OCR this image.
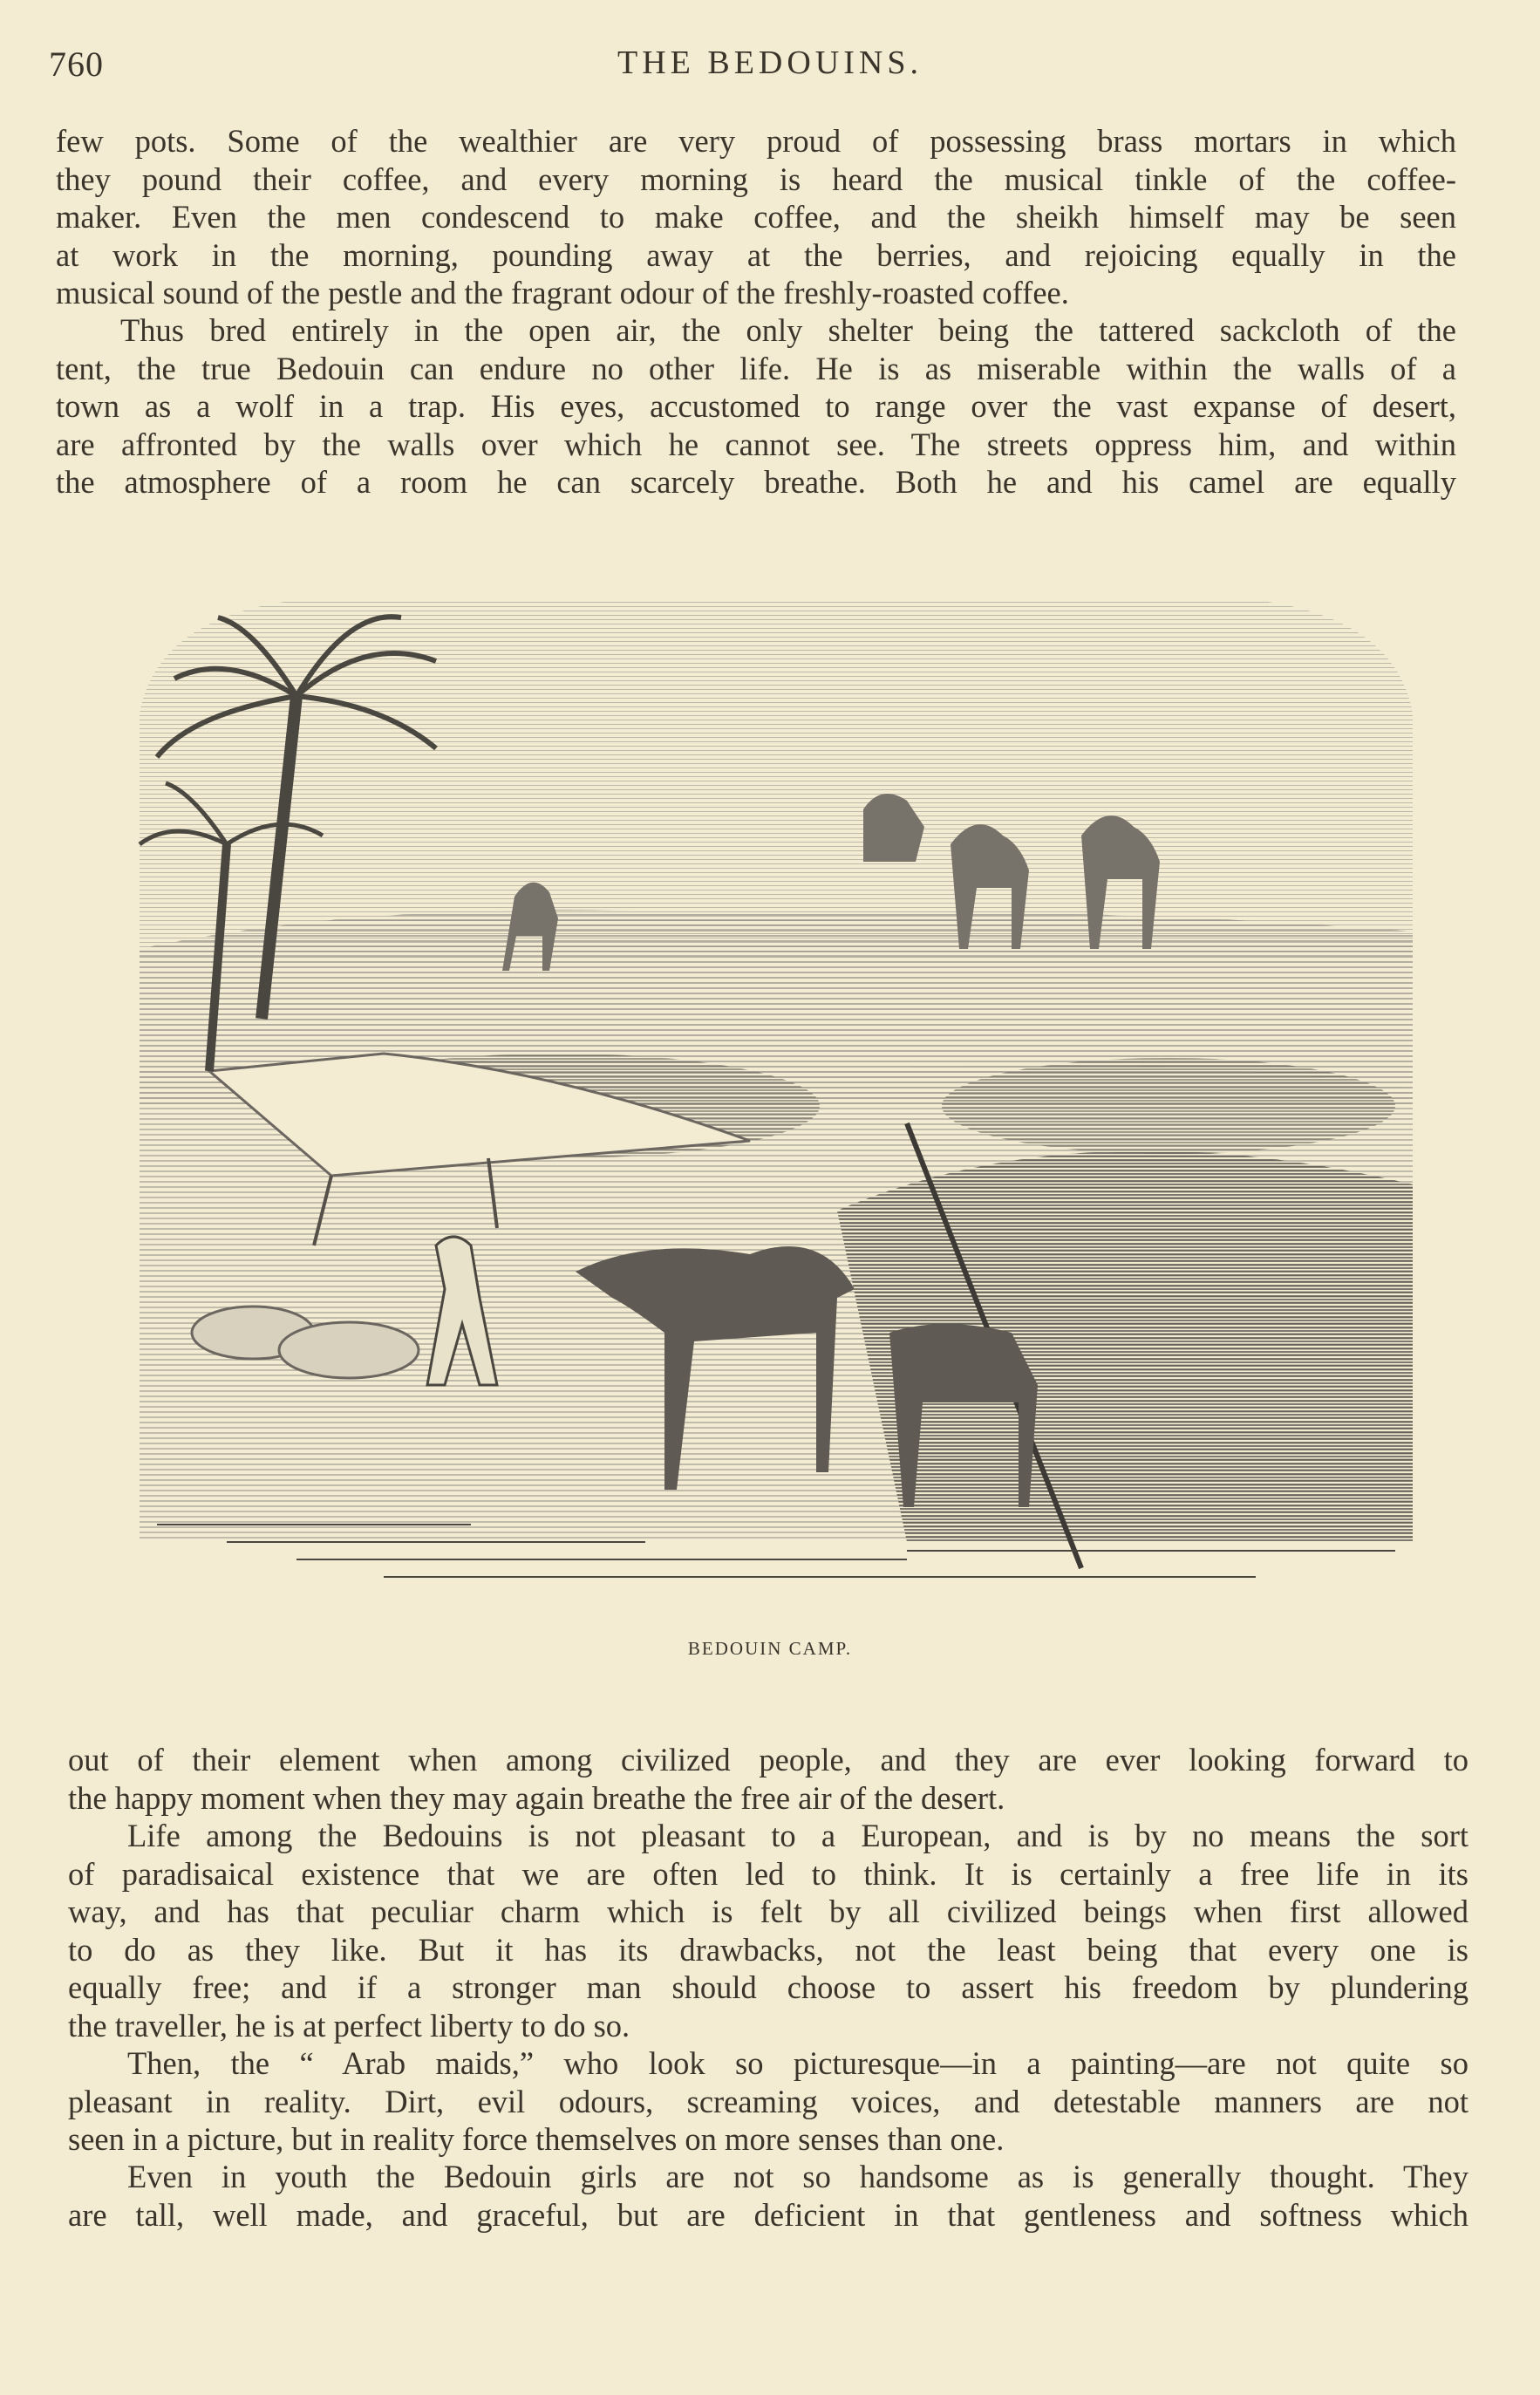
760	THE BEDOUINS.
few pots. Some of the wealthier are very proud of possessing brass mortars in which
they pound their coffee, and every morning is heard the musical tinkle of the coffee-
maker. Even the men condescend to make coffee, and the sheikh himself may be seen
at work in the morning, pounding away at the berries, and rejoicing equally in the
musical sound of the pestle and the fragrant odour of the freshly-roasted coffee.
Thus bred entirely in the open air, the only shelter being the tattered sackcloth of the
tent, the true Bedouin can endure no other life. He is as miserable within the walls of a
town as a wolf in a trap. His eyes, accustomed to range over the vast expanse of desert,
are affronted by the walls over which he cannot see. The streets oppress him, and within
the atmosphere of a room he can scarcely breathe. Both he and his camel are equally
BEDOUIN CAMP.
out of their element when among civilized people, and they are ever looking forward to
the happy moment when they may again breathe the free air of the desert.
Life among the Bedouins is not pleasant to a European, and is by no means the sort
of paradisaical existence that we are often led to think. It is certainly a free life in its
way, and has that peculiar charm which is felt by all civilized beings when first allowed
to do as they like. But it has its drawbacks, not the least being that every one is
equally free; and if a stronger man should choose to assert his freedom by plundering
the traveller, he is at perfect liberty to do so.
Then, the “ Arab maids,” who look so picturesque—in a painting—are not quite so
pleasant in reality. Dirt, evil odours, screaming voices, and detestable manners are not
seen in a picture, but in reality force themselves on more senses than one.
Even in youth the Bedouin girls are not so handsome as is generally thought. They
are tall, well made, and graceful, but are deficient in that gentleness and softness which
